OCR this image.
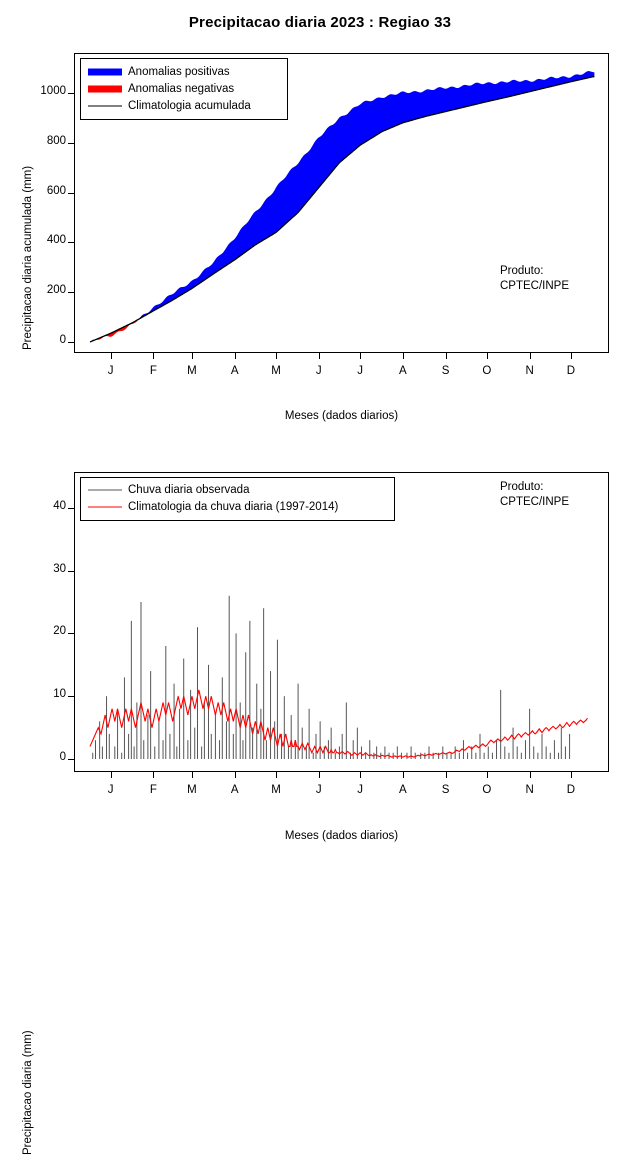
Precipitacao diaria 2023 : Regiao 33
Precipitacao diaria acumulada (mm)	0
200
400
600
800
1000
J	F	M	A	M	J	J	A	S	O	N	D
Meses (dados diarios)
Anomalias positivas
Anomalias negativas
Climatologia acumulada
Produto:
CPTEC/INPE
Precipitacao diaria (mm)
0
10
20
30
40
J	F	M	A	M	J	J	A	S	O	N	D
Meses (dados diarios)
Chuva diaria observada
Climatologia da chuva diaria (1997-2014)
Produto:
CPTEC/INPE
